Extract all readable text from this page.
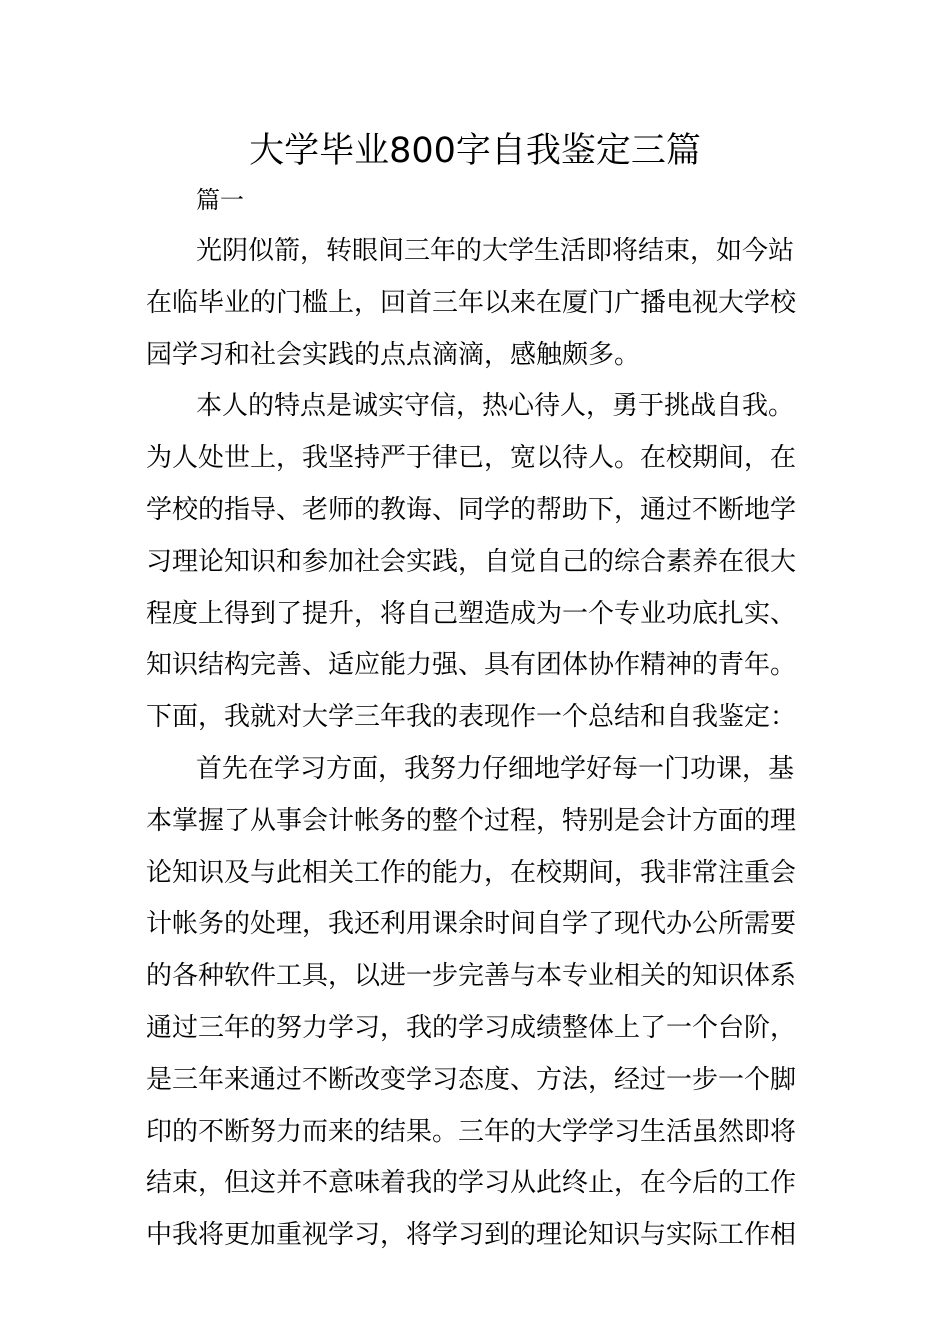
大学毕业800字自我鉴定三篇
篇一
光阴似箭，转眼间三年的大学生活即将结束，如今站
在临毕业的门槛上，回首三年以来在厦门广播电视大学校
园学习和社会实践的点点滴滴，感触颇多。
本人的特点是诚实守信，热心待人，勇于挑战自我。
为人处世上，我坚持严于律已，宽以待人。在校期间，在
学校的指导、老师的教诲、同学的帮助下，通过不断地学
习理论知识和参加社会实践，自觉自己的综合素养在很大
程度上得到了提升，将自己塑造成为一个专业功底扎实、
知识结构完善、适应能力强、具有团体协作精神的青年。
下面，我就对大学三年我的表现作一个总结和自我鉴定：
首先在学习方面，我努力仔细地学好每一门功课，基
本掌握了从事会计帐务的整个过程，特别是会计方面的理
论知识及与此相关工作的能力，在校期间，我非常注重会
计帐务的处理，我还利用课余时间自学了现代办公所需要
的各种软件工具，以进一步完善与本专业相关的知识体系
通过三年的努力学习，我的学习成绩整体上了一个台阶，
是三年来通过不断改变学习态度、方法，经过一步一个脚
印的不断努力而来的结果。三年的大学学习生活虽然即将
结束，但这并不意味着我的学习从此终止，在今后的工作
中我将更加重视学习，将学习到的理论知识与实际工作相
